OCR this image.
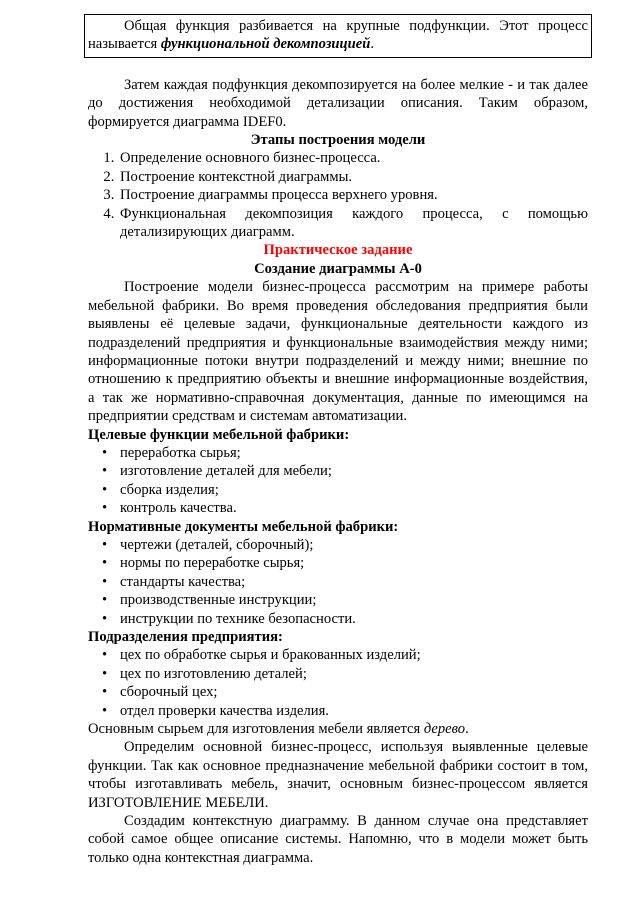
Общая функция разбивается на крупные подфункции. Этот процесс называется функциональной декомпозицией.

Затем каждая подфункция декомпозируется на более мелкие - и так далее до достижения необходимой детализации описания. Таким образом, формируется диаграмма IDEF0.

Этапы построения модели

1. Определение основного бизнес-процесса.
2. Построение контекстной диаграммы.
3. Построение диаграммы процесса верхнего уровня.
4. Функциональная декомпозиция каждого процесса, с помощью детализирующих диаграмм.

Практическое задание

Создание диаграммы А-0

Построение модели бизнес-процесса рассмотрим на примере работы мебельной фабрики. Во время проведения обследования предприятия были выявлены её целевые задачи, функциональные деятельности каждого из подразделений предприятия и функциональные взаимодействия между ними; информационные потоки внутри подразделений и между ними; внешние по отношению к предприятию объекты и внешние информационные воздействия, а так же нормативно-справочная документация, данные по имеющимся на предприятии средствам и системам автоматизации.

Целевые функции мебельной фабрики:

• переработка сырья;
• изготовление деталей для мебели;
• сборка изделия;
• контроль качества.

Нормативные документы мебельной фабрики:

• чертежи (деталей, сборочный);
• нормы по переработке сырья;
• стандарты качества;
• производственные инструкции;
• инструкции по технике безопасности.

Подразделения предприятия:

• цех по обработке сырья и бракованных изделий;
• цех по изготовлению деталей;
• сборочный цех;
• отдел проверки качества изделия.

Основным сырьем для изготовления мебели является дерево.

Определим основной бизнес-процесс, используя выявленные целевые функции. Так как основное предназначение мебельной фабрики состоит в том, чтобы изготавливать мебель, значит, основным бизнес-процессом является ИЗГОТОВЛЕНИЕ МЕБЕЛИ.

Создадим контекстную диаграмму. В данном случае она представляет собой самое общее описание системы. Напомню, что в модели может быть только одна контекстная диаграмма.
